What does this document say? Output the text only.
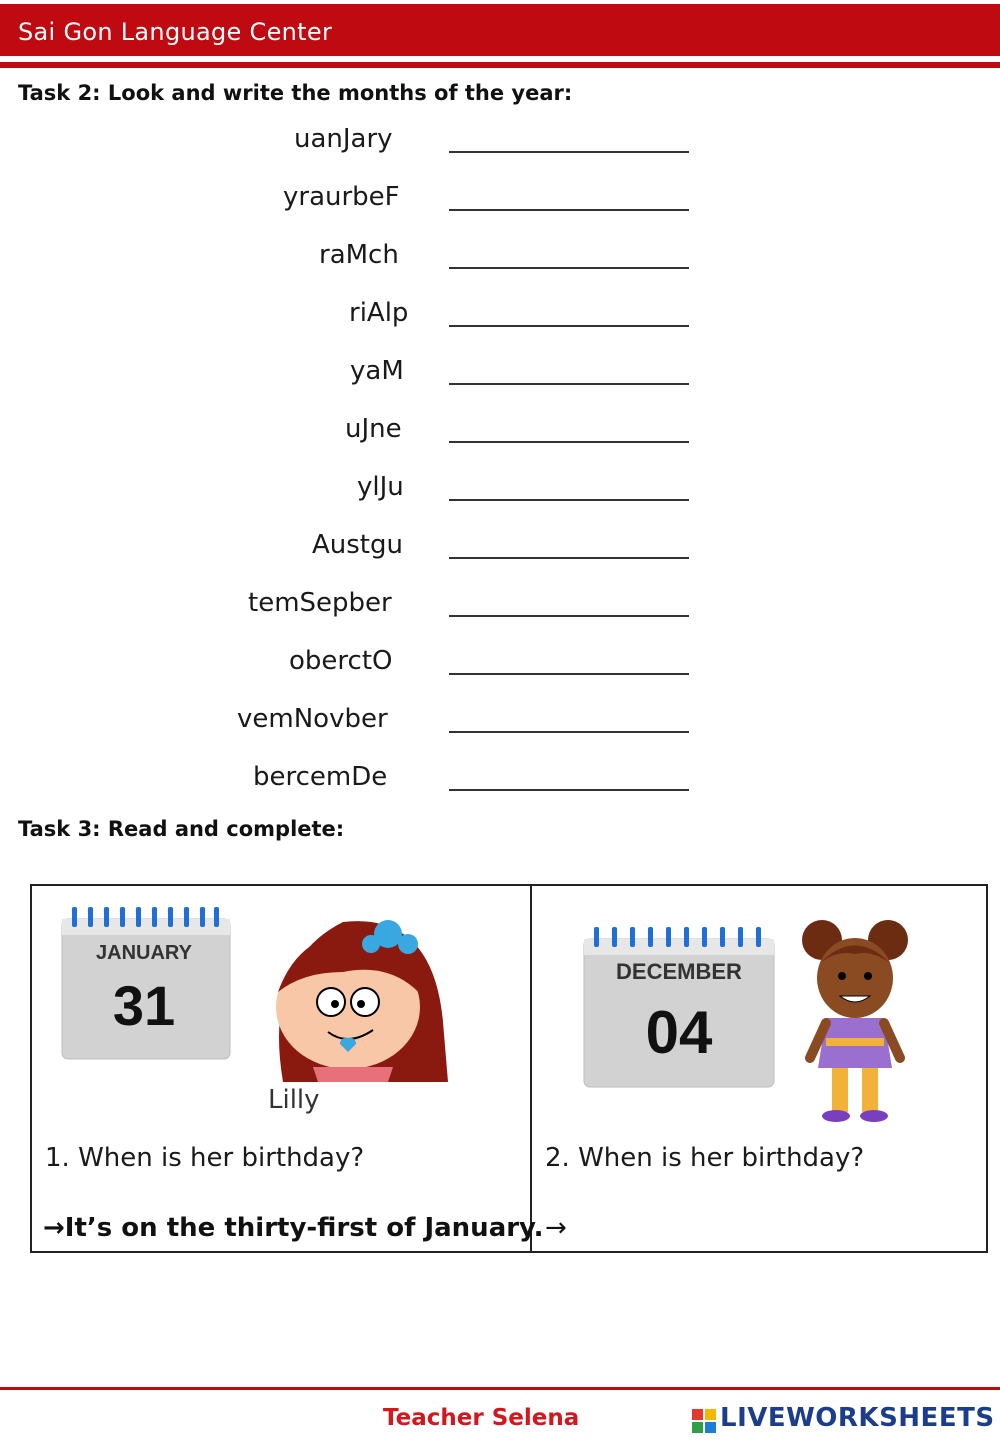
Sai Gon Language Center
Task 2: Look and write the months of the year:
uanJary
yraurbeF
raMch
riAlp
yaM
uJne
ylJu
Austgu
temSepber
oberctO
vemNovber
bercemDe
Task 3: Read and complete:
JANUARY
31
Lilly
DECEMBER
04
1. When is her birthday?
→It’s on the thirty-first of January.
2. When is her birthday?
→
Teacher Selena	LIVEWORKSHEETS
